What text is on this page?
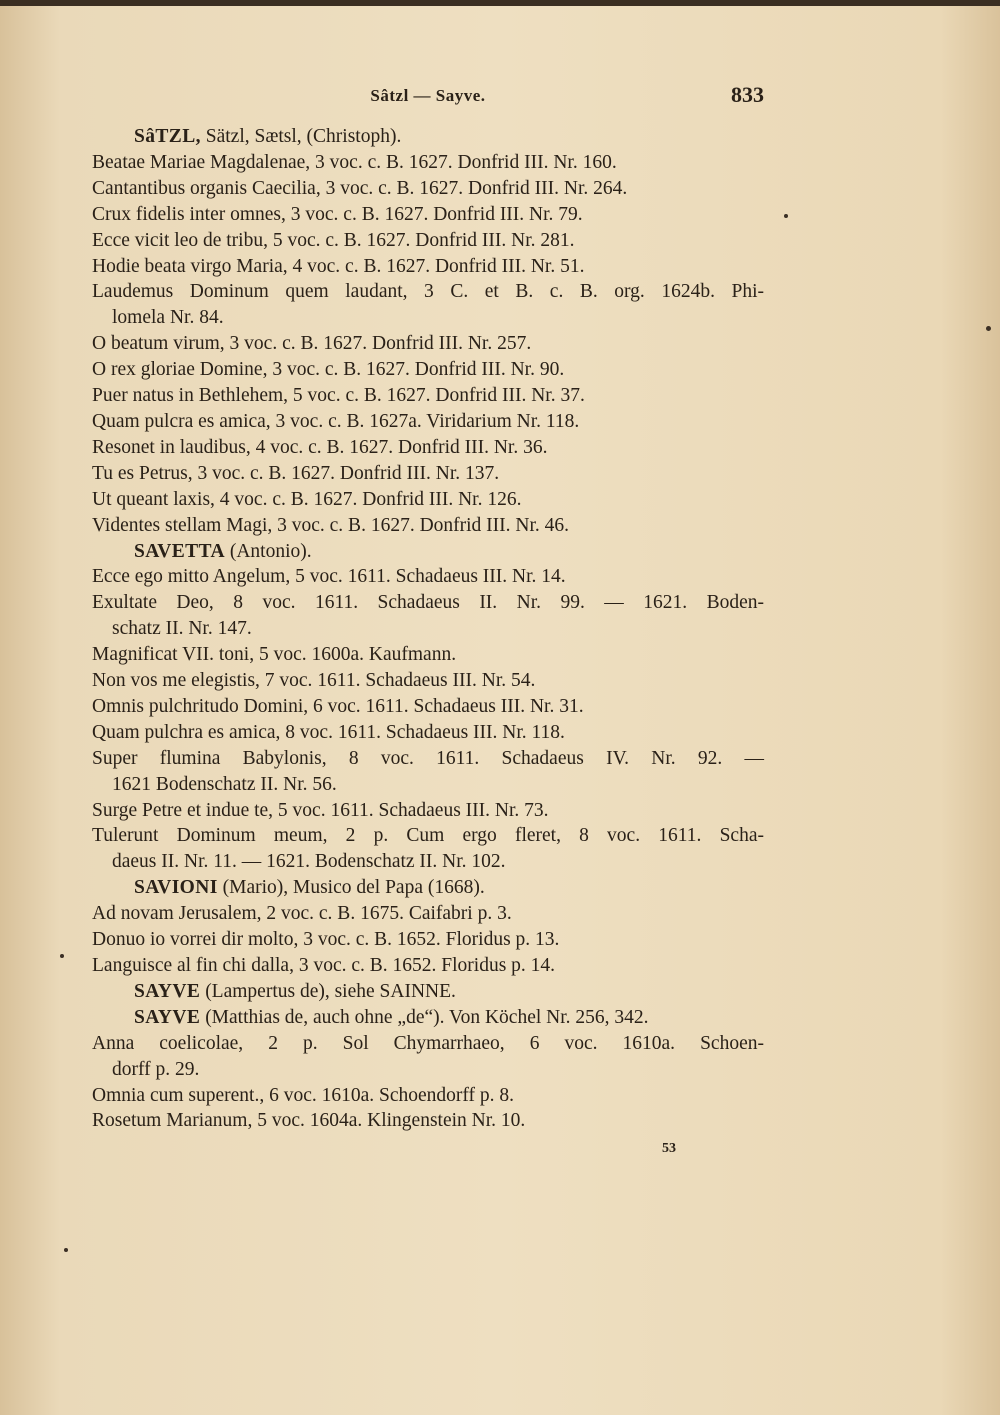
Sâtzl — Sayve.	833
SâTZL, Sätzl, Sætsl, (Christoph).
Beatae Mariae Magdalenae, 3 voc. c. B. 1627. Donfrid III. Nr. 160.
Cantantibus organis Caecilia, 3 voc. c. B. 1627. Donfrid III. Nr. 264.
Crux fidelis inter omnes, 3 voc. c. B. 1627. Donfrid III. Nr. 79.
Ecce vicit leo de tribu, 5 voc. c. B. 1627. Donfrid III. Nr. 281.
Hodie beata virgo Maria, 4 voc. c. B. 1627. Donfrid III. Nr. 51.
Laudemus Dominum quem laudant, 3 C. et B. c. B. org. 1624b. Phi-
lomela Nr. 84.
O beatum virum, 3 voc. c. B. 1627. Donfrid III. Nr. 257.
O rex gloriae Domine, 3 voc. c. B. 1627. Donfrid III. Nr. 90.
Puer natus in Bethlehem, 5 voc. c. B. 1627. Donfrid III. Nr. 37.
Quam pulcra es amica, 3 voc. c. B. 1627a. Viridarium Nr. 118.
Resonet in laudibus, 4 voc. c. B. 1627. Donfrid III. Nr. 36.
Tu es Petrus, 3 voc. c. B. 1627. Donfrid III. Nr. 137.
Ut queant laxis, 4 voc. c. B. 1627. Donfrid III. Nr. 126.
Videntes stellam Magi, 3 voc. c. B. 1627. Donfrid III. Nr. 46.
SAVETTA (Antonio).
Ecce ego mitto Angelum, 5 voc. 1611. Schadaeus III. Nr. 14.
Exultate Deo, 8 voc. 1611. Schadaeus II. Nr. 99. — 1621. Boden-
schatz II. Nr. 147.
Magnificat VII. toni, 5 voc. 1600a. Kaufmann.
Non vos me elegistis, 7 voc. 1611. Schadaeus III. Nr. 54.
Omnis pulchritudo Domini, 6 voc. 1611. Schadaeus III. Nr. 31.
Quam pulchra es amica, 8 voc. 1611. Schadaeus III. Nr. 118.
Super flumina Babylonis, 8 voc. 1611. Schadaeus IV. Nr. 92. —
1621 Bodenschatz II. Nr. 56.
Surge Petre et indue te, 5 voc. 1611. Schadaeus III. Nr. 73.
Tulerunt Dominum meum, 2 p. Cum ergo fleret, 8 voc. 1611. Scha-
daeus II. Nr. 11. — 1621. Bodenschatz II. Nr. 102.
SAVIONI (Mario), Musico del Papa (1668).
Ad novam Jerusalem, 2 voc. c. B. 1675. Caifabri p. 3.
Donuo io vorrei dir molto, 3 voc. c. B. 1652. Floridus p. 13.
Languisce al fin chi dalla, 3 voc. c. B. 1652. Floridus p. 14.
SAYVE (Lampertus de), siehe SAINNE.
SAYVE (Matthias de, auch ohne „de“). Von Köchel Nr. 256, 342.
Anna coelicolae, 2 p. Sol Chymarrhaeo, 6 voc. 1610a. Schoen-
dorff p. 29.
Omnia cum superent., 6 voc. 1610a. Schoendorff p. 8.
Rosetum Marianum, 5 voc. 1604a. Klingenstein Nr. 10.
53
